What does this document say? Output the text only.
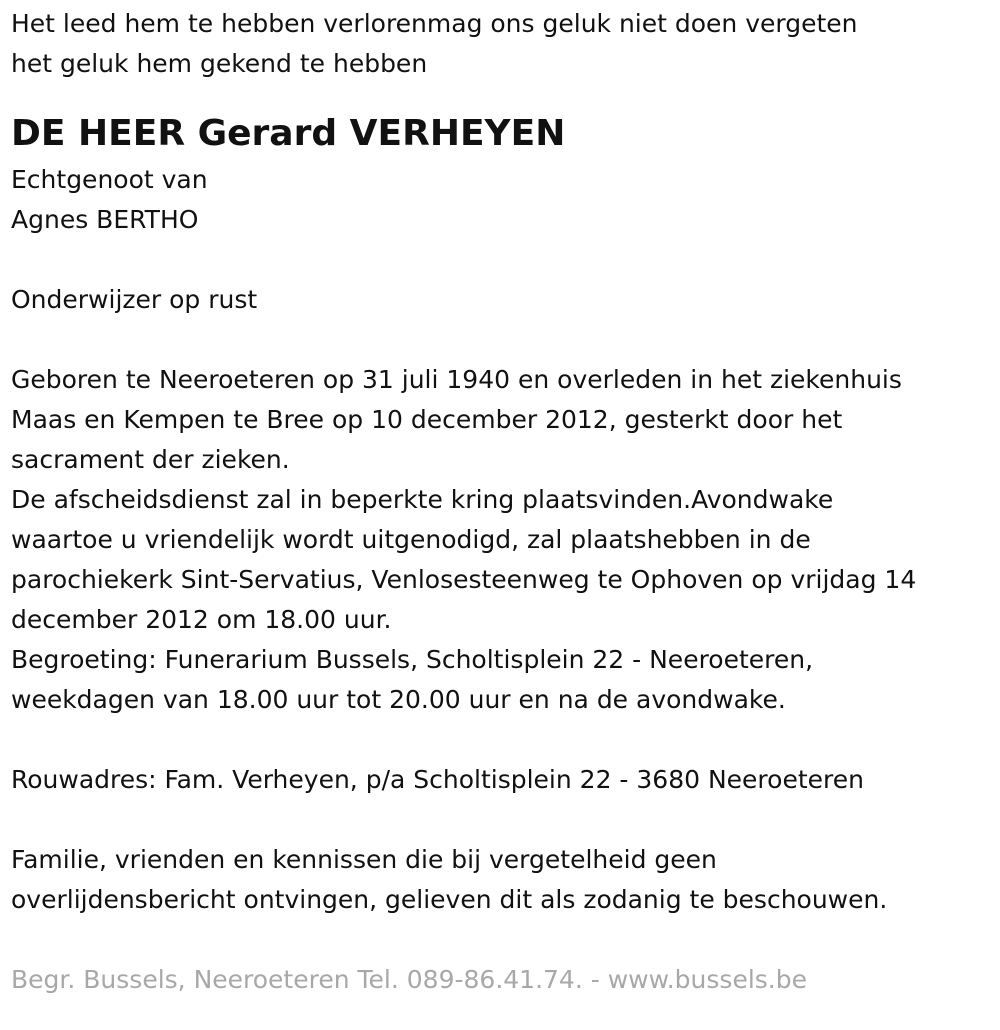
Het leed hem te hebben verlorenmag ons geluk niet doen vergeten
het geluk hem gekend te hebben
DE HEER Gerard VERHEYEN
Echtgenoot van
Agnes BERTHO
Onderwijzer op rust
Geboren te Neeroeteren op 31 juli 1940 en overleden in het ziekenhuis
Maas en Kempen te Bree op 10 december 2012, gesterkt door het
sacrament der zieken.
De afscheidsdienst zal in beperkte kring plaatsvinden.Avondwake
waartoe u vriendelijk wordt uitgenodigd, zal plaatshebben in de
parochiekerk Sint-Servatius, Venlosesteenweg te Ophoven op vrijdag 14
december 2012 om 18.00 uur.
Begroeting: Funerarium Bussels, Scholtisplein 22 - Neeroeteren,
weekdagen van 18.00 uur tot 20.00 uur en na de avondwake.
Rouwadres: Fam. Verheyen, p/a Scholtisplein 22 - 3680 Neeroeteren
Familie, vrienden en kennissen die bij vergetelheid geen
overlijdensbericht ontvingen, gelieven dit als zodanig te beschouwen.
Begr. Bussels, Neeroeteren Tel. 089-86.41.74. - www.bussels.be
